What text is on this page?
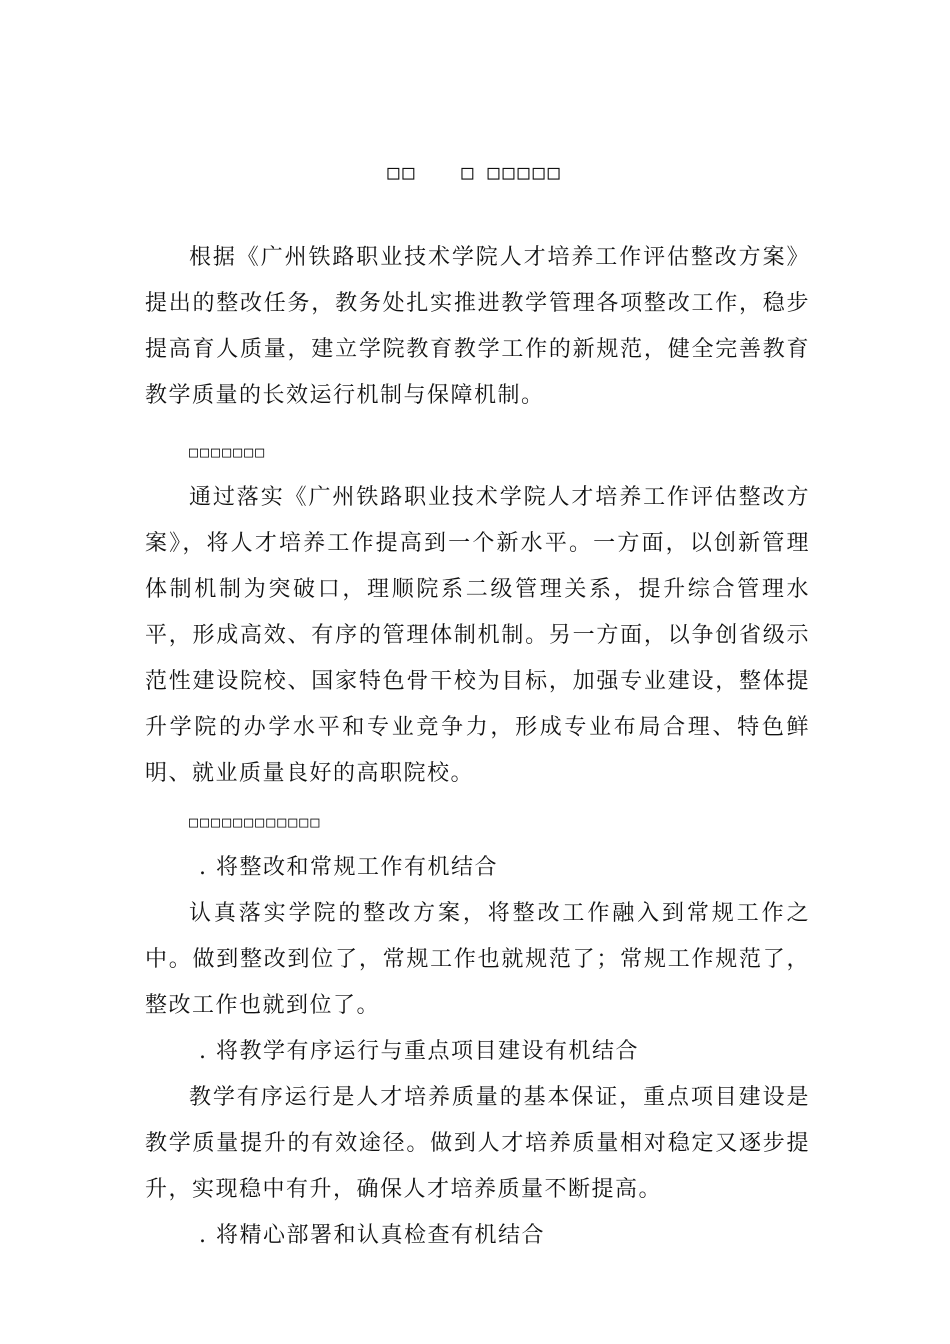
□□ □ □□□□□

根据《广州铁路职业技术学院人才培养工作评估整改方案》提出的整改任务，教务处扎实推进教学管理各项整改工作，稳步提高育人质量，建立学院教育教学工作的新规范，健全完善教育教学质量的长效运行机制与保障机制。

□□□□□□□

通过落实《广州铁路职业技术学院人才培养工作评估整改方案》，将人才培养工作提高到一个新水平。一方面，以创新管理体制机制为突破口，理顺院系二级管理关系，提升综合管理水平，形成高效、有序的管理体制机制。另一方面，以争创省级示范性建设院校、国家特色骨干校为目标，加强专业建设，整体提升学院的办学水平和专业竞争力，形成专业布局合理、特色鲜明、就业质量良好的高职院校。

□□□□□□□□□□□□

. 将整改和常规工作有机结合

认真落实学院的整改方案，将整改工作融入到常规工作之中。做到整改到位了，常规工作也就规范了；常规工作规范了，整改工作也就到位了。

. 将教学有序运行与重点项目建设有机结合

教学有序运行是人才培养质量的基本保证，重点项目建设是教学质量提升的有效途径。做到人才培养质量相对稳定又逐步提升，实现稳中有升，确保人才培养质量不断提高。

. 将精心部署和认真检查有机结合
